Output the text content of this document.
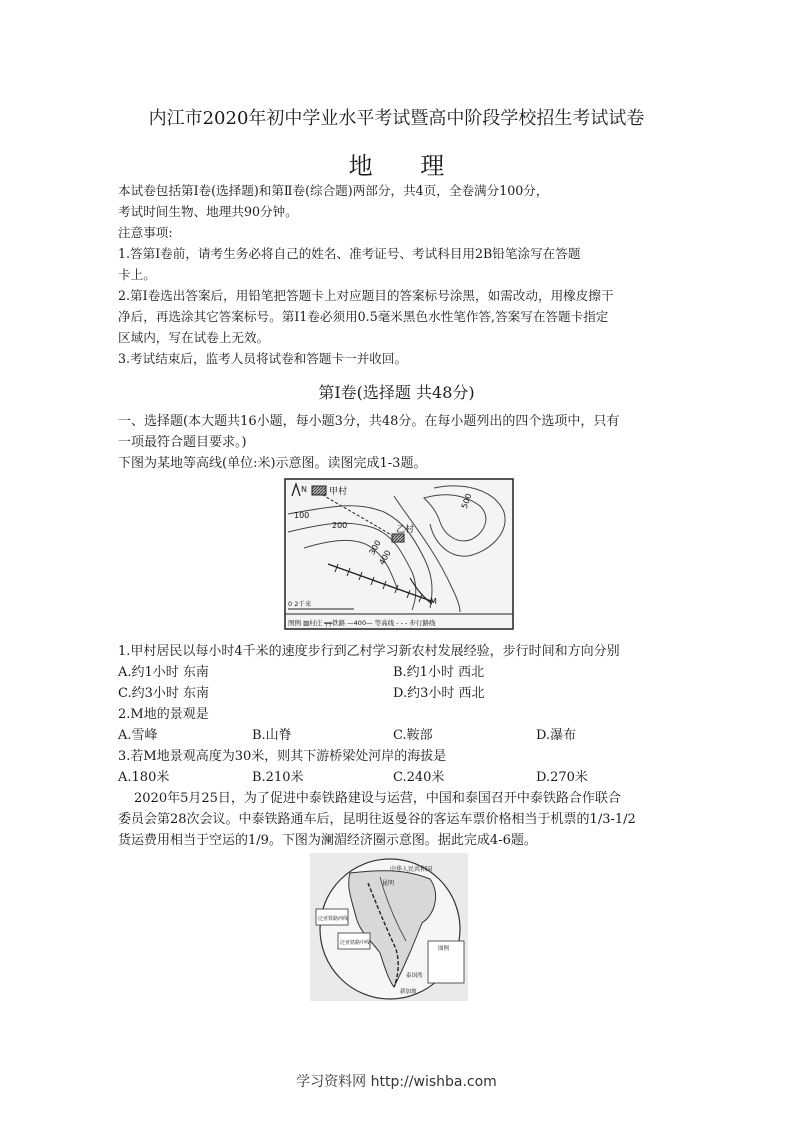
内江市2020年初中学业水平考试暨高中阶段学校招生考试试卷
地 理
本试卷包括第I卷(选择题)和第Ⅱ卷(综合题)两部分，共4页，全卷满分100分，
考试时间生物、地理共90分钟。
注意事项:
1.答第Ⅰ卷前，请考生务必将自己的姓名、准考证号、考试科目用2B铅笔涂写在答题
卡上。
2.第Ⅰ卷选出答案后，用铅笔把答题卡上对应题目的答案标号涂黑，如需改动，用橡皮擦干
净后，再选涂其它答案标号。第I1卷必须用0.5毫米黑色水性笔作答,答案写在答题卡指定
区域内，写在试卷上无效。
3.考试结束后，监考人员将试卷和答题卡一并收回。
第I卷(选择题 共48分)
一、选择题(本大题共16小题，每小题3分，共48分。在每小题列出的四个选项中，只有
一项最符合题目要求。)
下图为某地等高线(单位:米)示意图。读图完成1-3题。
N 甲村
乙村
100
200
300
400
500
M
0 2千米
图例 ▨村庄 ╤╤铁路 —400— 等高线 - - - 步行路线
1.甲村居民以每小时4千米的速度步行到乙村学习新农村发展经验，步行时间和方向分别
A.约1小时 东南	B.约1小时 西北
C.约3小时 东南	D.约3小时 西北
2.M地的景观是
A.雪峰	B.山脊	C.鞍部	D.瀑布
3.若M地景观高度为30米，则其下游桥梁处河岸的海拔是
A.180米	B.210米	C.240米	D.270米
2020年5月25日，为了促进中泰铁路建设与运营，中国和泰国召开中泰铁路合作联合
委员会第28次会议。中泰铁路通车后，昆明往返曼谷的客运车票价格相当于机票的1/3-1/2
货运费用相当于空运的1/9。下图为澜湄经济圈示意图。据此完成4-6题。
中华人民共和国
昆明
泛亚铁路西线
泛亚铁路中线
图例
泰国湾
新加坡
学习资料网 http://wishba.com
